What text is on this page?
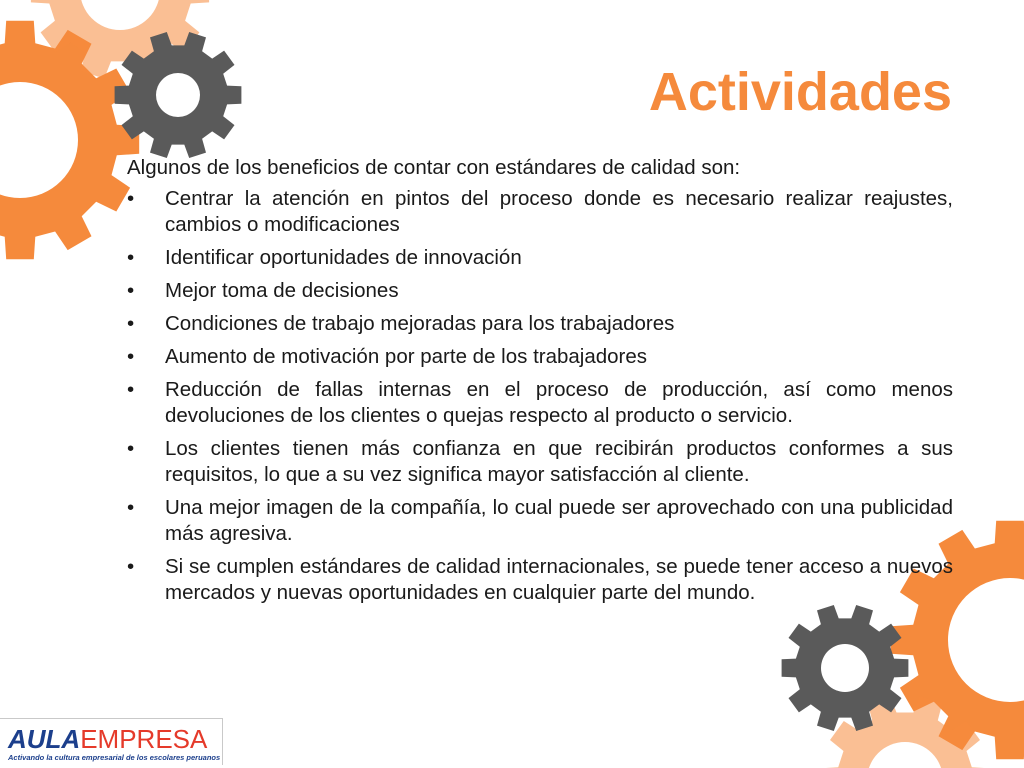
Actividades

Algunos de los beneficios de contar con estándares de calidad son:

•	Centrar la atención en pintos del proceso donde es necesario realizar reajustes, cambios o modificaciones
•	Identificar oportunidades de innovación
•	Mejor toma de decisiones
•	Condiciones de trabajo mejoradas para los trabajadores
•	Aumento de motivación por parte de los trabajadores
•	Reducción de fallas internas en el proceso de producción, así como menos devoluciones de los clientes o quejas respecto al producto o servicio.
•	Los clientes tienen más confianza en que recibirán productos conformes a sus requisitos, lo que a su vez significa mayor satisfacción al cliente.
•	Una mejor imagen de la compañía, lo cual puede ser aprovechado con una publicidad más agresiva.
•	Si se cumplen estándares de calidad internacionales, se puede tener acceso a nuevos mercados y nuevas oportunidades en cualquier parte del mundo.
AULAEMPRESA
Activando la cultura empresarial de los escolares peruanos
